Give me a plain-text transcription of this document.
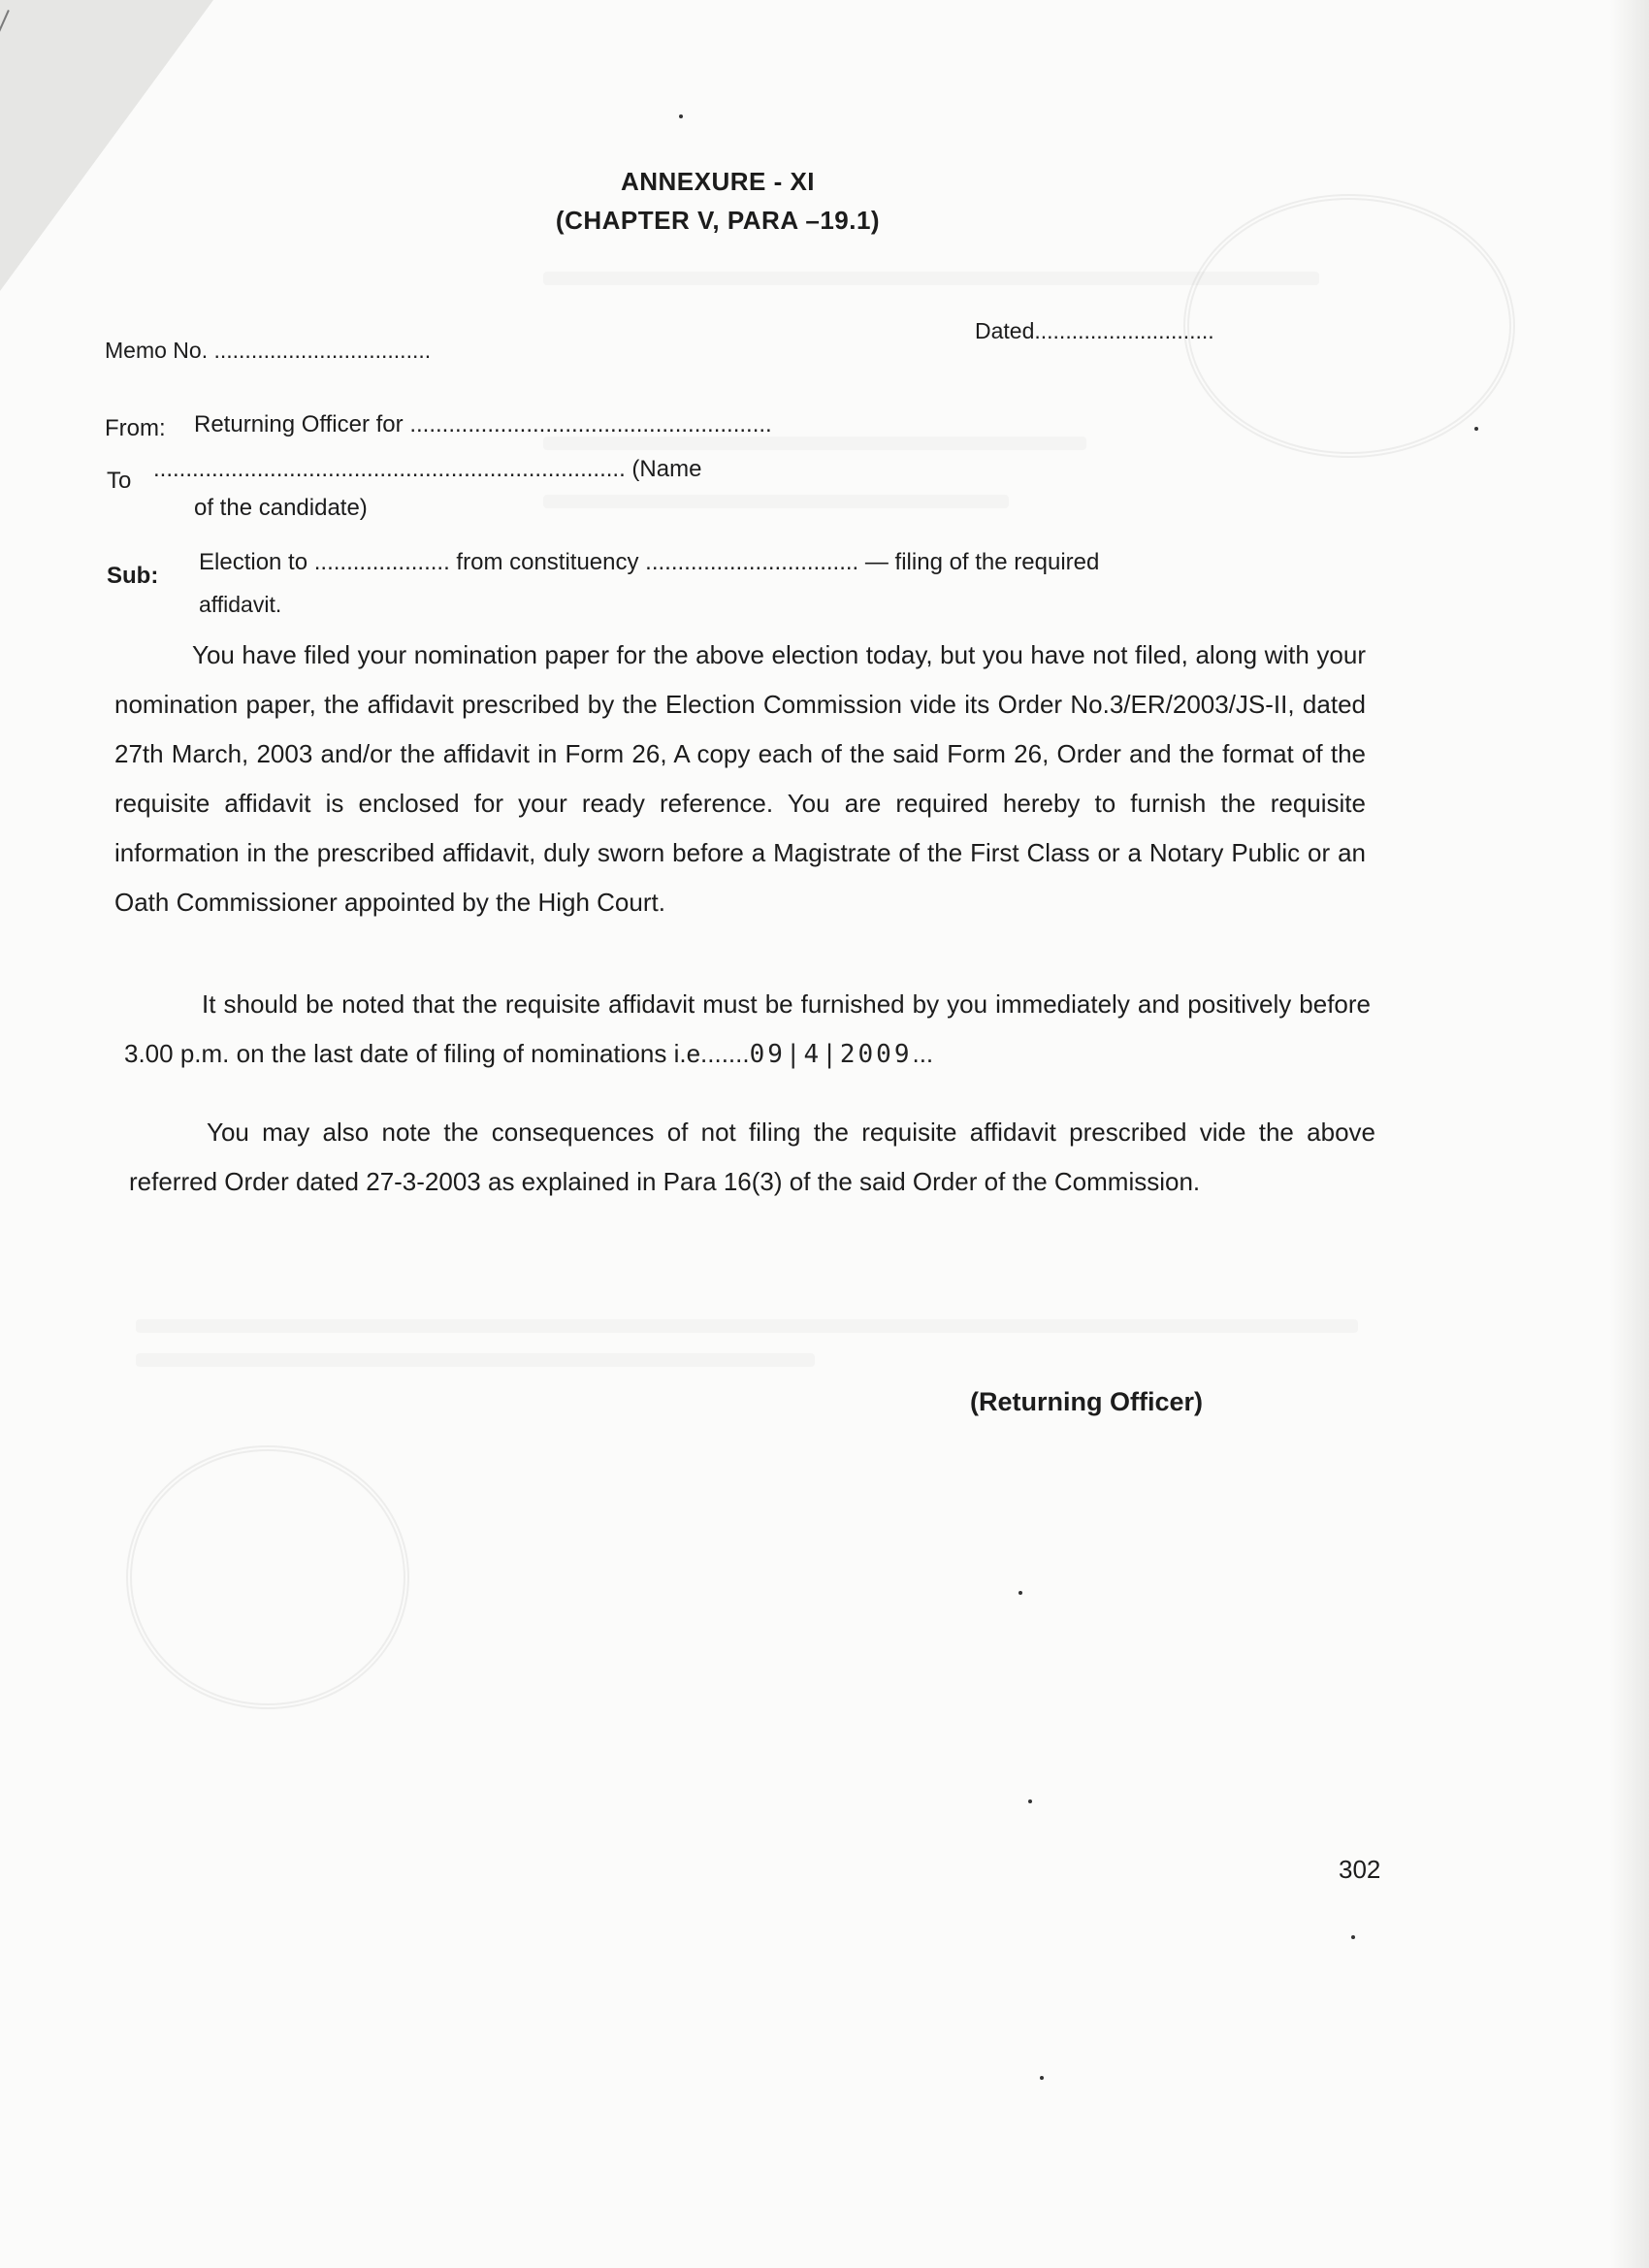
ANNEXURE - XI
(CHAPTER V, PARA –19.1)
Memo No. ...................................
Dated.............................
From: Returning Officer for ........................................................
To ......................................................................... (Name
of the candidate)
Sub:
Election to ..................... from constituency ................................. — filing of the required
affidavit.
You have filed your nomination paper for the above election today, but you have not filed, along with your nomination paper, the affidavit prescribed by the Election Commission vide its Order No.3/ER/2003/JS-II, dated 27th March, 2003 and/or the affidavit in Form 26, A copy each of the said Form 26, Order and the format of the requisite affidavit is enclosed for your ready reference. You are required hereby to furnish the requisite information in the prescribed affidavit, duly sworn before a Magistrate of the First Class or a Notary Public or an Oath Commissioner appointed by the High Court.
It should be noted that the requisite affidavit must be furnished by you immediately and positively before 3.00 p.m. on the last date of filing of nominations i.e.......09|4|2009...
You may also note the consequences of not filing the requisite affidavit prescribed vide the above referred Order dated 27-3-2003 as explained in Para 16(3) of the said Order of the Commission.
(Returning Officer)
302
